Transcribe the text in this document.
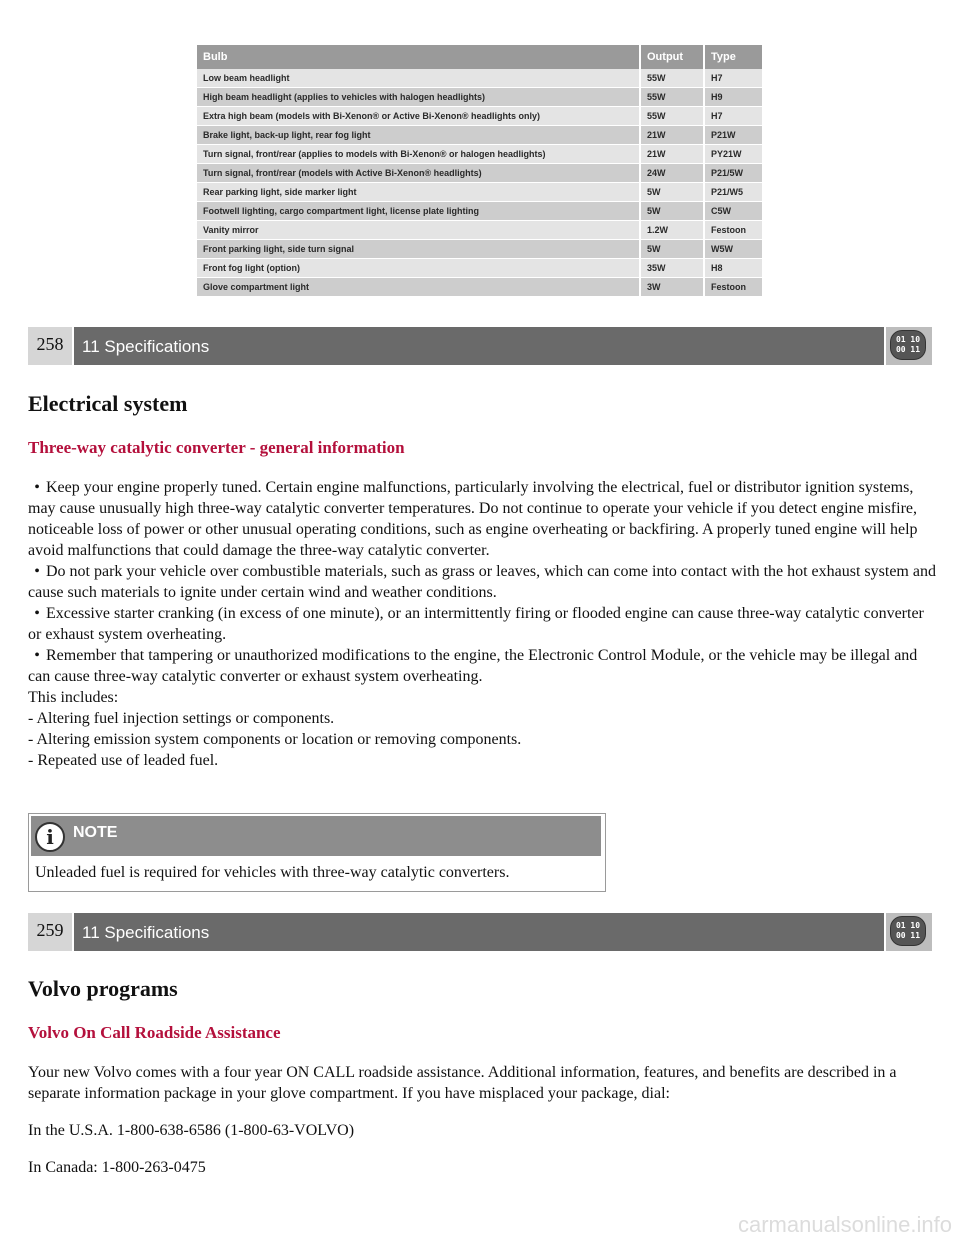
Bulb	Output	Type
Low beam headlight	55W	H7
High beam headlight (applies to vehicles with halogen headlights)	55W	H9
Extra high beam (models with Bi-Xenon® or Active Bi-Xenon® headlights only)	55W	H7
Brake light, back-up light, rear fog light	21W	P21W
Turn signal, front/rear (applies to models with Bi-Xenon® or halogen headlights)	21W	PY21W
Turn signal, front/rear (models with Active Bi-Xenon® headlights)	24W	P21/5W
Rear parking light, side marker light	5W	P21/W5
Footwell lighting, cargo compartment light, license plate lighting	5W	C5W
Vanity mirror	1.2W	Festoon
Front parking light, side turn signal	5W	W5W
Front fog light (option)	35W	H8
Glove compartment light	3W	Festoon
258	11 Specifications	01 10 00 11
Electrical system
Three-way catalytic converter - general information
• Keep your engine properly tuned. Certain engine malfunctions, particularly involving the electrical, fuel or distributor ignition systems, may cause unusually high three-way catalytic converter temperatures. Do not continue to operate your vehicle if you detect engine misfire, noticeable loss of power or other unusual operating conditions, such as engine overheating or backfiring. A properly tuned engine will help avoid malfunctions that could damage the three-way catalytic converter.
• Do not park your vehicle over combustible materials, such as grass or leaves, which can come into contact with the hot exhaust system and cause such materials to ignite under certain wind and weather conditions.
• Excessive starter cranking (in excess of one minute), or an intermittently firing or flooded engine can cause three-way catalytic converter or exhaust system overheating.
• Remember that tampering or unauthorized modifications to the engine, the Electronic Control Module, or the vehicle may be illegal and can cause three-way catalytic converter or exhaust system overheating.
This includes:
- Altering fuel injection settings or components.
- Altering emission system components or location or removing components.
- Repeated use of leaded fuel.
i	NOTE
Unleaded fuel is required for vehicles with three-way catalytic converters.
259	11 Specifications	01 10 00 11
Volvo programs
Volvo On Call Roadside Assistance

Your new Volvo comes with a four year ON CALL roadside assistance. Additional information, features, and benefits are described in a separate information package in your glove compartment. If you have misplaced your package, dial:

In the U.S.A. 1-800-638-6586 (1-800-63-VOLVO)

In Canada: 1-800-263-0475

carmanualsonline.info
